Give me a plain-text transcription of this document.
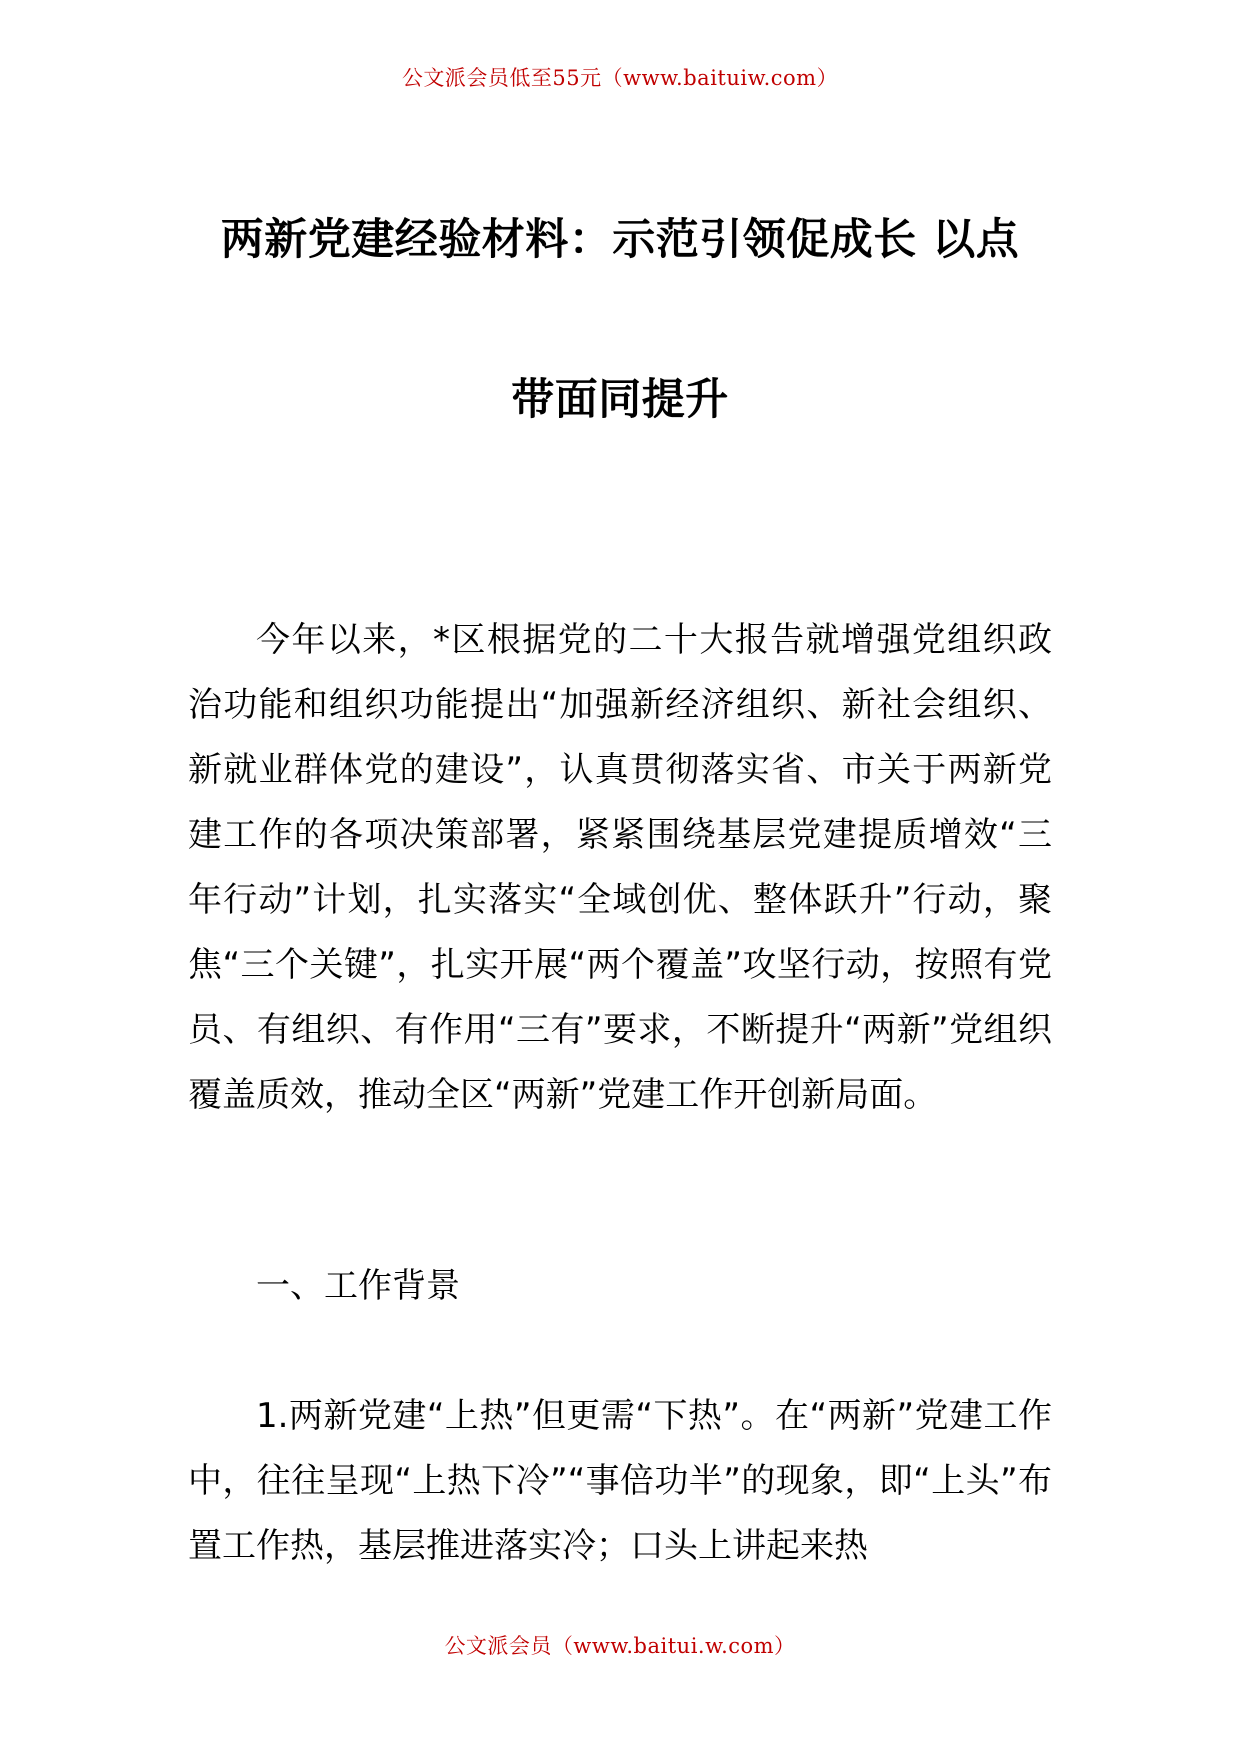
公文派会员低至55元（www.baituiw.com）
两新党建经验材料：示范引领促成长 以点
带面同提升

今年以来，*区根据党的二十大报告就增强党组织政治功能和组织功能提出“加强新经济组织、新社会组织、新就业群体党的建设”，认真贯彻落实省、市关于两新党建工作的各项决策部署，紧紧围绕基层党建提质增效“三年行动”计划，扎实落实“全域创优、整体跃升”行动，聚焦“三个关键”，扎实开展“两个覆盖”攻坚行动，按照有党员、有组织、有作用“三有”要求，不断提升“两新”党组织覆盖质效，推动全区“两新”党建工作开创新局面。

一、工作背景

1.两新党建“上热”但更需“下热”。在“两新”党建工作中，往往呈现“上热下冷”“事倍功半”的现象，即“上头”布置工作热，基层推进落实冷；口头上讲起来热

公文派会员（www.baitui.w.com）
